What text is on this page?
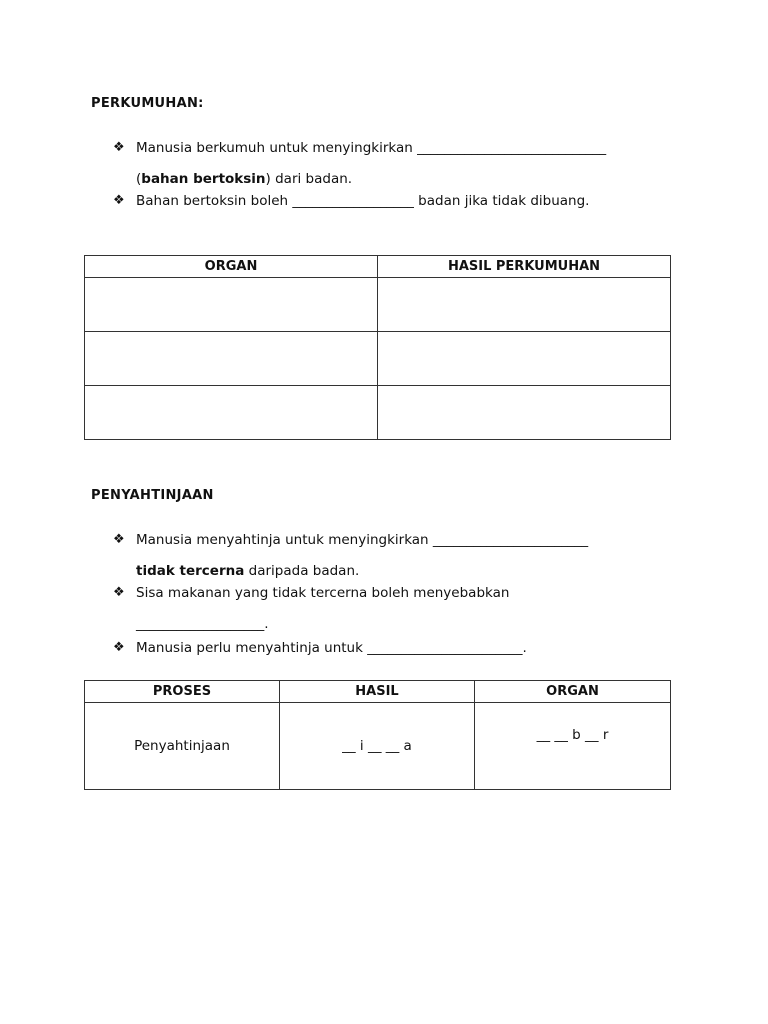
PERKUMUHAN:
❖ Manusia berkumuh untuk menyingkirkan ____________________________
(bahan bertoksin) dari badan.
❖ Bahan bertoksin boleh __________________ badan jika tidak dibuang.
ORGAN	HASIL PERKUMUHAN

PENYAHTINJAAN
❖ Manusia menyahtinja untuk menyingkirkan _______________________
tidak tercerna daripada badan.
❖ Sisa makanan yang tidak tercerna boleh menyebabkan
___________________.
❖ Manusia perlu menyahtinja untuk _______________________.
PROSES	HASIL	ORGAN
Penyahtinjaan	__ i __ __ a	__ __ b __ r
